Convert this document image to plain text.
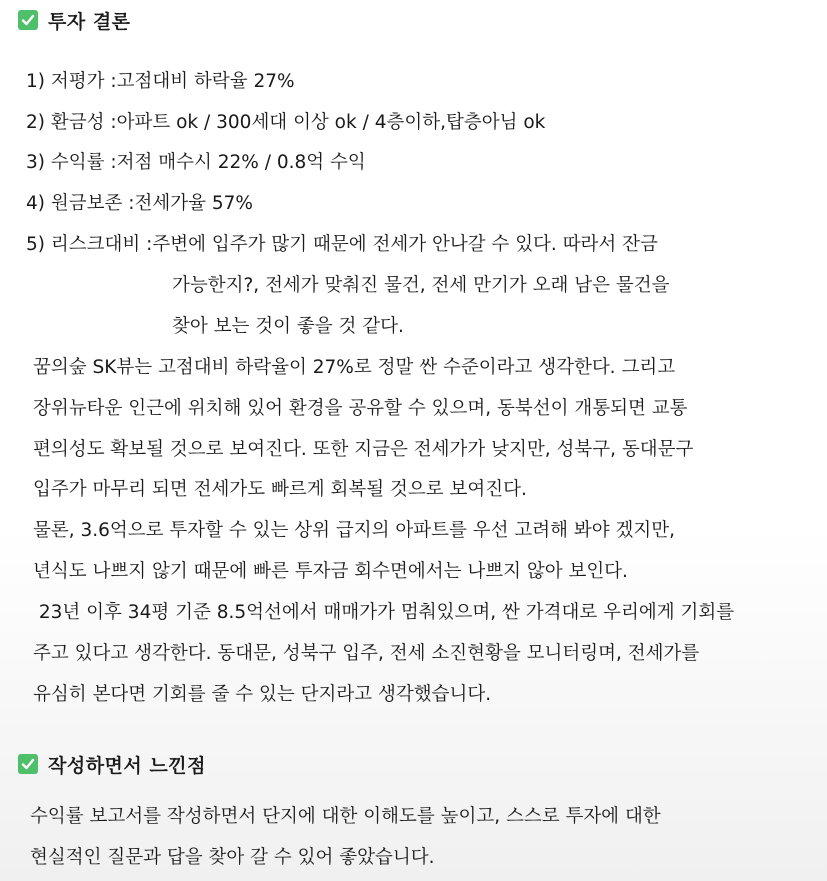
투자 결론
1) 저평가 :고점대비 하락율 27%
2) 환금성 :아파트 ok / 300세대 이상 ok / 4층이하,탑층아님 ok
3) 수익률 :저점 매수시 22% / 0.8억 수익
4) 원금보존 :전세가율 57%
5) 리스크대비 :주변에 입주가 많기 때문에 전세가 안나갈 수 있다. 따라서 잔금
가능한지?, 전세가 맞춰진 물건, 전세 만기가 오래 남은 물건을
찾아 보는 것이 좋을 것 같다.
꿈의숲 SK뷰는 고점대비 하락율이 27%로 정말 싼 수준이라고 생각한다. 그리고
장위뉴타운 인근에 위치해 있어 환경을 공유할 수 있으며, 동북선이 개통되면 교통
편의성도 확보될 것으로 보여진다. 또한 지금은 전세가가 낮지만, 성북구, 동대문구
입주가 마무리 되면 전세가도 빠르게 회복될 것으로 보여진다.
물론, 3.6억으로 투자할 수 있는 상위 급지의 아파트를 우선 고려해 봐야 겠지만,
년식도 나쁘지 않기 때문에 빠른 투자금 회수면에서는 나쁘지 않아 보인다.
23년 이후 34평 기준 8.5억선에서 매매가가 멈춰있으며, 싼 가격대로 우리에게 기회를
주고 있다고 생각한다. 동대문, 성북구 입주, 전세 소진현황을 모니터링며, 전세가를
유심히 본다면 기회를 줄 수 있는 단지라고 생각했습니다.
작성하면서 느낀점
수익률 보고서를 작성하면서 단지에 대한 이해도를 높이고, 스스로 투자에 대한
현실적인 질문과 답을 찾아 갈 수 있어 좋았습니다.
